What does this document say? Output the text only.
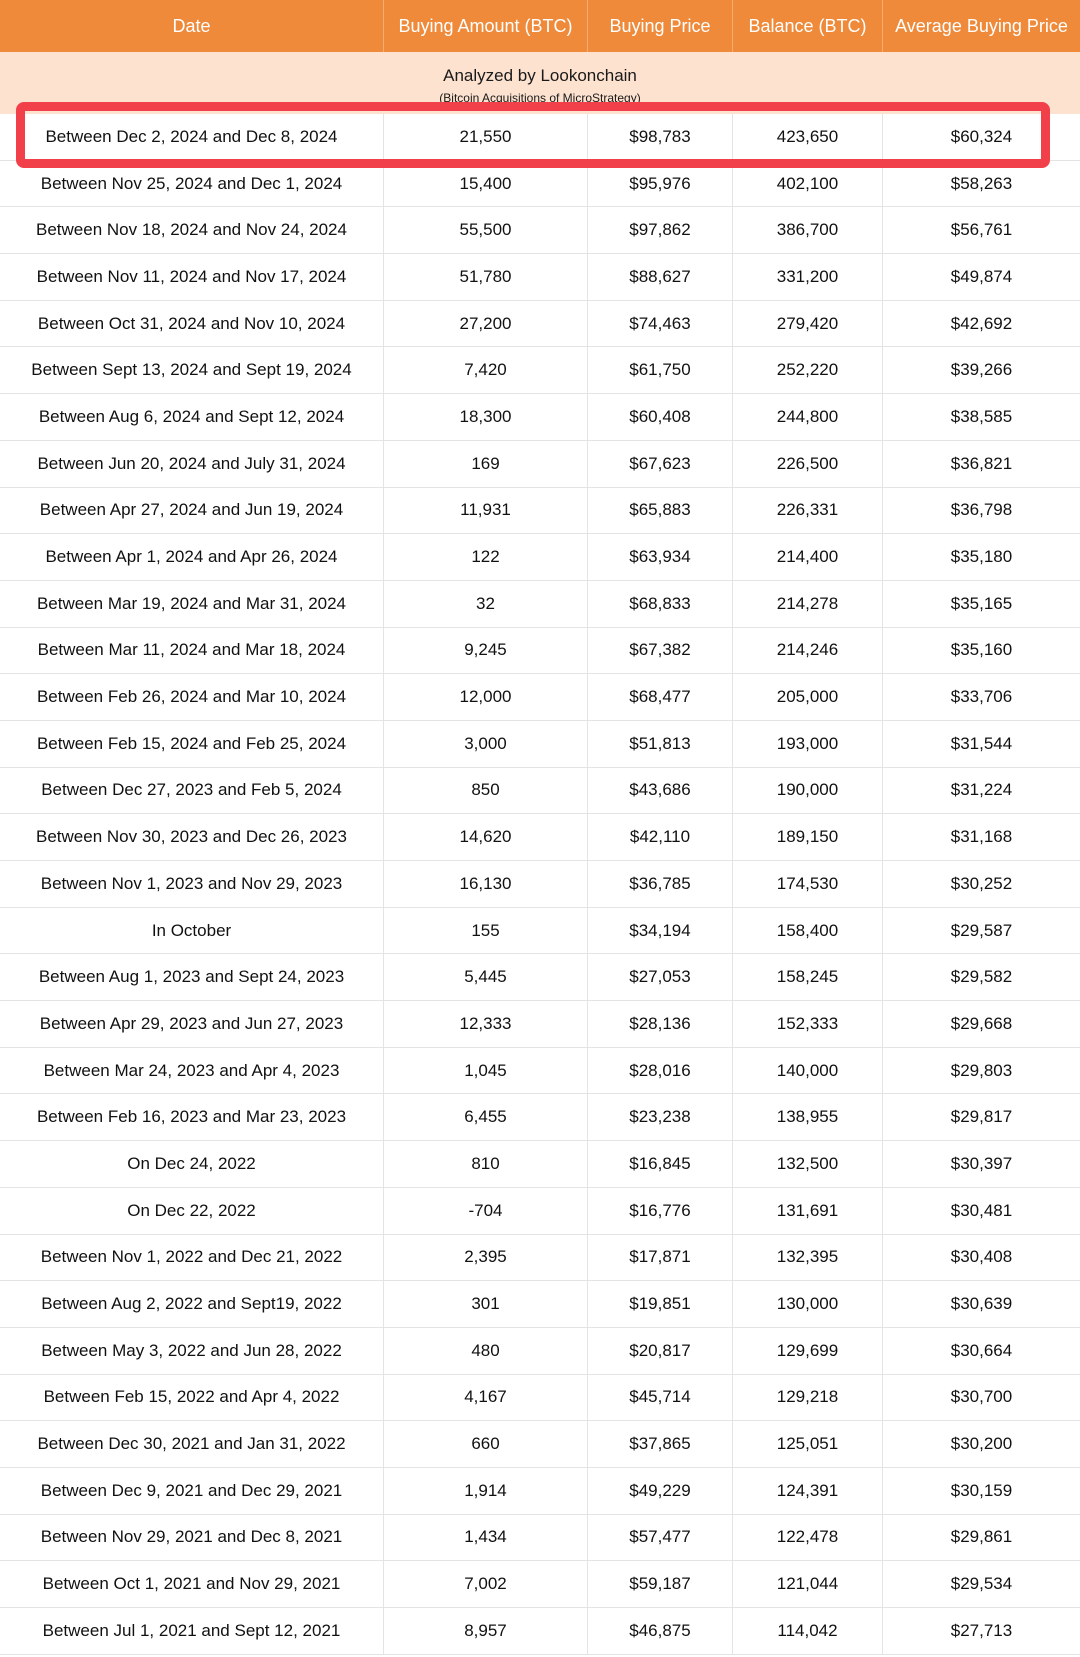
Date	Buying Amount (BTC)	Buying Price	Balance (BTC)	Average Buying Price
Analyzed by Lookonchain
(Bitcoin Acquisitions of MicroStrategy)
Between Dec 2, 2024 and Dec 8, 2024	21,550	$98,783	423,650	$60,324
Between Nov 25, 2024 and Dec 1, 2024	15,400	$95,976	402,100	$58,263
Between Nov 18, 2024 and Nov 24, 2024	55,500	$97,862	386,700	$56,761
Between Nov 11, 2024 and Nov 17, 2024	51,780	$88,627	331,200	$49,874
Between Oct 31, 2024 and Nov 10, 2024	27,200	$74,463	279,420	$42,692
Between Sept 13, 2024 and Sept 19, 2024	7,420	$61,750	252,220	$39,266
Between Aug 6, 2024 and Sept 12, 2024	18,300	$60,408	244,800	$38,585
Between Jun 20, 2024 and July 31, 2024	169	$67,623	226,500	$36,821
Between Apr 27, 2024 and Jun 19, 2024	11,931	$65,883	226,331	$36,798
Between Apr 1, 2024 and Apr 26, 2024	122	$63,934	214,400	$35,180
Between Mar 19, 2024 and Mar 31, 2024	32	$68,833	214,278	$35,165
Between Mar 11, 2024 and Mar 18, 2024	9,245	$67,382	214,246	$35,160
Between Feb 26, 2024 and Mar 10, 2024	12,000	$68,477	205,000	$33,706
Between Feb 15, 2024 and Feb 25, 2024	3,000	$51,813	193,000	$31,544
Between Dec 27, 2023 and Feb 5, 2024	850	$43,686	190,000	$31,224
Between Nov 30, 2023 and Dec 26, 2023	14,620	$42,110	189,150	$31,168
Between Nov 1, 2023 and Nov 29, 2023	16,130	$36,785	174,530	$30,252
In October	155	$34,194	158,400	$29,587
Between Aug 1, 2023 and Sept 24, 2023	5,445	$27,053	158,245	$29,582
Between Apr 29, 2023 and Jun 27, 2023	12,333	$28,136	152,333	$29,668
Between Mar 24, 2023 and Apr 4, 2023	1,045	$28,016	140,000	$29,803
Between Feb 16, 2023 and Mar 23, 2023	6,455	$23,238	138,955	$29,817
On Dec 24, 2022	810	$16,845	132,500	$30,397
On Dec 22, 2022	-704	$16,776	131,691	$30,481
Between Nov 1, 2022 and Dec 21, 2022	2,395	$17,871	132,395	$30,408
Between Aug 2, 2022 and Sept19, 2022	301	$19,851	130,000	$30,639
Between May 3, 2022 and Jun 28, 2022	480	$20,817	129,699	$30,664
Between Feb 15, 2022 and Apr 4, 2022	4,167	$45,714	129,218	$30,700
Between Dec 30, 2021 and Jan 31, 2022	660	$37,865	125,051	$30,200
Between Dec 9, 2021 and Dec 29, 2021	1,914	$49,229	124,391	$30,159
Between Nov 29, 2021 and Dec 8, 2021	1,434	$57,477	122,478	$29,861
Between Oct 1, 2021 and Nov 29, 2021	7,002	$59,187	121,044	$29,534
Between Jul 1, 2021 and Sept 12, 2021	8,957	$46,875	114,042	$27,713
